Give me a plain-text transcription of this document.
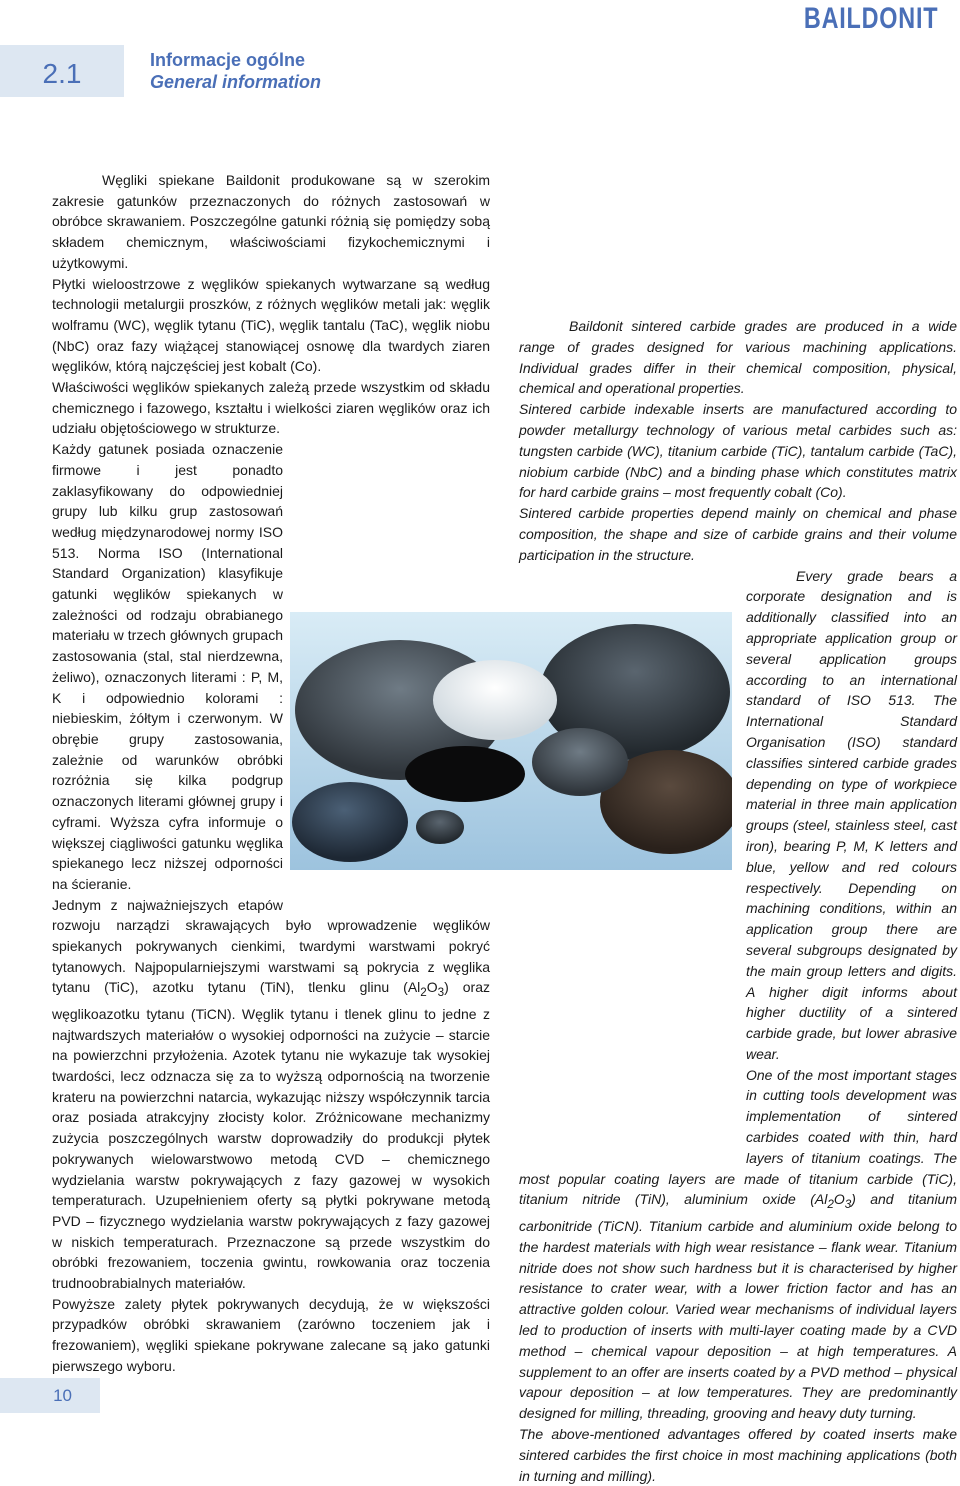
BAILDONIT
2.1	Informacje ogólne
General information

Węgliki spiekane Baildonit produkowane są w szerokim zakresie gatunków przeznaczonych do różnych zastosowań w obróbce skrawaniem. Poszczególne gatunki różnią się pomiędzy sobą składem chemicznym, właściwościami fizykochemicznymi i użytkowymi.

Płytki wieloostrzowe z węglików spiekanych wytwarzane są według technologii metalurgii proszków, z różnych węglików metali jak: węglik wolframu (WC), węglik tytanu (TiC), węglik tantalu (TaC), węglik niobu (NbC) oraz fazy wiążącej stanowiącej osnowę dla twardych ziaren węglików, którą najczęściej jest kobalt (Co).

Właściwości węglików spiekanych zależą przede wszystkim od składu chemicznego i fazowego, kształtu i wielkości ziaren węglików oraz ich udziału objętościowego w strukturze.

Każdy gatunek posiada oznaczenie firmowe i jest ponadto zaklasyfikowany do odpowiedniej grupy lub kilku grup zastosowań według międzynarodowej normy ISO 513. Norma ISO (International Standard Organization) klasyfikuje gatunki węglików spiekanych w zależności od rodzaju obrabianego materiału w trzech głównych grupach zastosowania (stal, stal nierdzewna, żeliwo), oznaczonych literami : P, M, K i odpowiednio kolorami : niebieskim, żółtym i czerwonym. W obrębie grupy zastosowania, zależnie od warunków obróbki rozróżnia się kilka podgrup oznaczonych literami głównej grupy i cyframi. Wyższa cyfra informuje o większej ciągliwości gatunku węglika spiekanego lecz niższej odporności na ścieranie.

Jednym z najważniejszych etapów rozwoju narządzi skrawających było wprowadzenie węglików spiekanych pokrywanych cienkimi, twardymi warstwami pokryć tytanowych. Najpopularniejszymi warstwami są pokrycia z węglika tytanu (TiC), azotku tytanu (TiN), tlenku glinu $(Al_2O_3)$ oraz węglikoazotku tytanu (TiCN). Węglik tytanu i tlenek glinu to jedne z najtwardszych materiałów o wysokiej odporności na zużycie – starcie na powierzchni przyłożenia. Azotek tytanu nie wykazuje tak wysokiej twardości, lecz odznacza się za to wyższą odpornością na tworzenie krateru na powierzchni natarcia, wykazując niższy współczynnik tarcia oraz posiada atrakcyjny złocisty kolor. Zróżnicowane mechanizmy zużycia poszczególnych warstw doprowadziły do produkcji płytek pokrywanych wielowarstwowo metodą CVD – chemicznego wydzielania warstw pokrywających z fazy gazowej w wysokich temperaturach. Uzupełnieniem oferty są płytki pokrywane metodą PVD – fizycznego wydzielania warstw pokrywających z fazy gazowej w niskich temperaturach. Przeznaczone są przede wszystkim do obróbki frezowaniem, toczenia gwintu, rowkowania oraz toczenia trudnoobrabialnych materiałów.

Powyższe zalety płytek pokrywanych decydują, że w większości przypadków obróbki skrawaniem (zarówno toczeniem jak i frezowaniem), węgliki spiekane pokrywane zalecane są jako gatunki pierwszego wyboru.

Baildonit sintered carbide grades are produced in a wide range of grades designed for various machining applications. Individual grades differ in their chemical composition, physical, chemical and operational properties.

Sintered carbide indexable inserts are manufactured according to powder metallurgy technology of various metal carbides such as: tungsten carbide (WC), titanium carbide (TiC), tantalum carbide (TaC), niobium carbide (NbC) and a binding phase which constitutes matrix for hard carbide grains – most frequently cobalt (Co).

Sintered carbide properties depend mainly on chemical and phase composition, the shape and size of carbide grains and their volume participation in the structure.

Every grade bears a corporate designation and is additionally classified into an appropriate application group or several application groups according to an international standard of ISO 513. The International Standard Organisation (ISO) standard classifies sintered carbide grades depending on type of workpiece material in three main application groups (steel, stainless steel, cast iron), bearing P, M, K letters and blue, yellow and red colours respectively. Depending on machining conditions, within an application group there are several subgroups designated by the main group letters and digits. A higher digit informs about higher ductility of a sintered carbide grade, but lower abrasive wear.

One of the most important stages in cutting tools development was implementation of sintered carbides coated with thin, hard layers of titanium coatings. The most popular coating layers are made of titanium carbide (TiC), titanium nitride (TiN), aluminium oxide $(Al_2O_3)$ and titanium carbonitride (TiCN). Titanium carbide and aluminium oxide belong to the hardest materials with high wear resistance – flank wear. Titanium nitride does not show such hardness but it is characterised by higher resistance to crater wear, with a lower friction factor and has an attractive golden colour. Varied wear mechanisms of individual layers led to production of inserts with multi-layer coating made by a CVD method – chemical vapour deposition – at high temperatures. A supplement to an offer are inserts coated by a PVD method – physical vapour deposition – at low temperatures. They are predominantly designed for milling, threading, grooving and heavy duty turning.

The above-mentioned advantages offered by coated inserts make sintered carbides the first choice in most machining applications (both in turning and milling).

10
